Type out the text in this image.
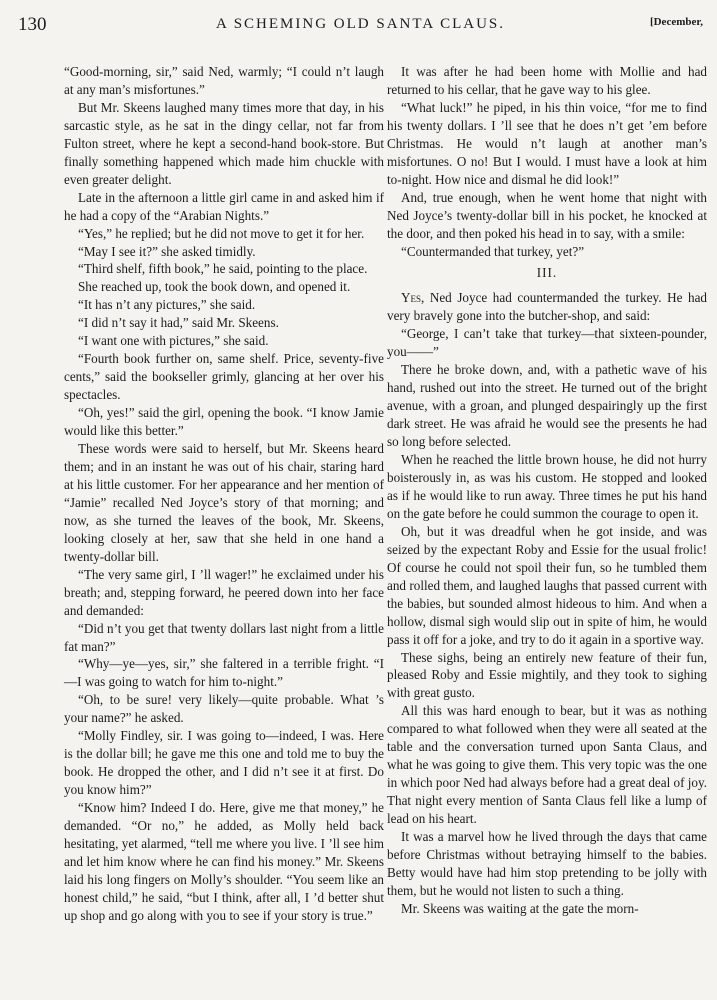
130	A SCHEMING OLD SANTA CLAUS.	[December,

“Good-morning, sir,” said Ned, warmly; “I could n’t laugh at any man’s misfortunes.”

But Mr. Skeens laughed many times more that day, in his sarcastic style, as he sat in the dingy cellar, not far from Fulton street, where he kept a second-hand book-store. But finally something happened which made him chuckle with even greater delight.

Late in the afternoon a little girl came in and asked him if he had a copy of the “Arabian Nights.”

“Yes,” he replied; but he did not move to get it for her.

“May I see it?” she asked timidly.

“Third shelf, fifth book,” he said, pointing to the place.

She reached up, took the book down, and opened it.

“It has n’t any pictures,” she said.

“I did n’t say it had,” said Mr. Skeens.

“I want one with pictures,” she said.

“Fourth book further on, same shelf. Price, seventy-five cents,” said the bookseller grimly, glancing at her over his spectacles.

“Oh, yes!” said the girl, opening the book. “I know Jamie would like this better.”

These words were said to herself, but Mr. Skeens heard them; and in an instant he was out of his chair, staring hard at his little customer. For her appearance and her mention of “Jamie” recalled Ned Joyce’s story of that morning; and now, as she turned the leaves of the book, Mr. Skeens, looking closely at her, saw that she held in one hand a twenty-dollar bill.

“The very same girl, I ’ll wager!” he exclaimed under his breath; and, stepping forward, he peered down into her face and demanded:

“Did n’t you get that twenty dollars last night from a little fat man?”

“Why—ye—yes, sir,” she faltered in a terrible fright. “I—I was going to watch for him to-night.”

“Oh, to be sure! very likely—quite probable. What ’s your name?” he asked.

“Molly Findley, sir. I was going to—indeed, I was. Here is the dollar bill; he gave me this one and told me to buy the book. He dropped the other, and I did n’t see it at first. Do you know him?”

“Know him? Indeed I do. Here, give me that money,” he demanded. “Or no,” he added, as Molly held back hesitating, yet alarmed, “tell me where you live. I ’ll see him and let him know where he can find his money.” Mr. Skeens laid his long fingers on Molly’s shoulder. “You seem like an honest child,” he said, “but I think, after all, I ’d better shut up shop and go along with you to see if your story is true.”

It was after he had been home with Mollie and had returned to his cellar, that he gave way to his glee.

“What luck!” he piped, in his thin voice, “for me to find his twenty dollars. I ’ll see that he does n’t get ’em before Christmas. He would n’t laugh at another man’s misfortunes. O no! But I would. I must have a look at him to-night. How nice and dismal he did look!”

And, true enough, when he went home that night with Ned Joyce’s twenty-dollar bill in his pocket, he knocked at the door, and then poked his head in to say, with a smile:

“Countermanded that turkey, yet?”

III.

Yes, Ned Joyce had countermanded the turkey. He had very bravely gone into the butcher-shop, and said:

“George, I can’t take that turkey—that sixteen-pounder, you——”

There he broke down, and, with a pathetic wave of his hand, rushed out into the street. He turned out of the bright avenue, with a groan, and plunged despairingly up the first dark street. He was afraid he would see the presents he had so long before selected.

When he reached the little brown house, he did not hurry boisterously in, as was his custom. He stopped and looked as if he would like to run away. Three times he put his hand on the gate before he could summon the courage to open it.

Oh, but it was dreadful when he got inside, and was seized by the expectant Roby and Essie for the usual frolic! Of course he could not spoil their fun, so he tumbled them and rolled them, and laughed laughs that passed current with the babies, but sounded almost hideous to him. And when a hollow, dismal sigh would slip out in spite of him, he would pass it off for a joke, and try to do it again in a sportive way.

These sighs, being an entirely new feature of their fun, pleased Roby and Essie mightily, and they took to sighing with great gusto.

All this was hard enough to bear, but it was as nothing compared to what followed when they were all seated at the table and the conversation turned upon Santa Claus, and what he was going to give them. This very topic was the one in which poor Ned had always before had a great deal of joy. That night every mention of Santa Claus fell like a lump of lead on his heart.

It was a marvel how he lived through the days that came before Christmas without betraying himself to the babies. Betty would have had him stop pretending to be jolly with them, but he would not listen to such a thing.

Mr. Skeens was waiting at the gate the morn-
